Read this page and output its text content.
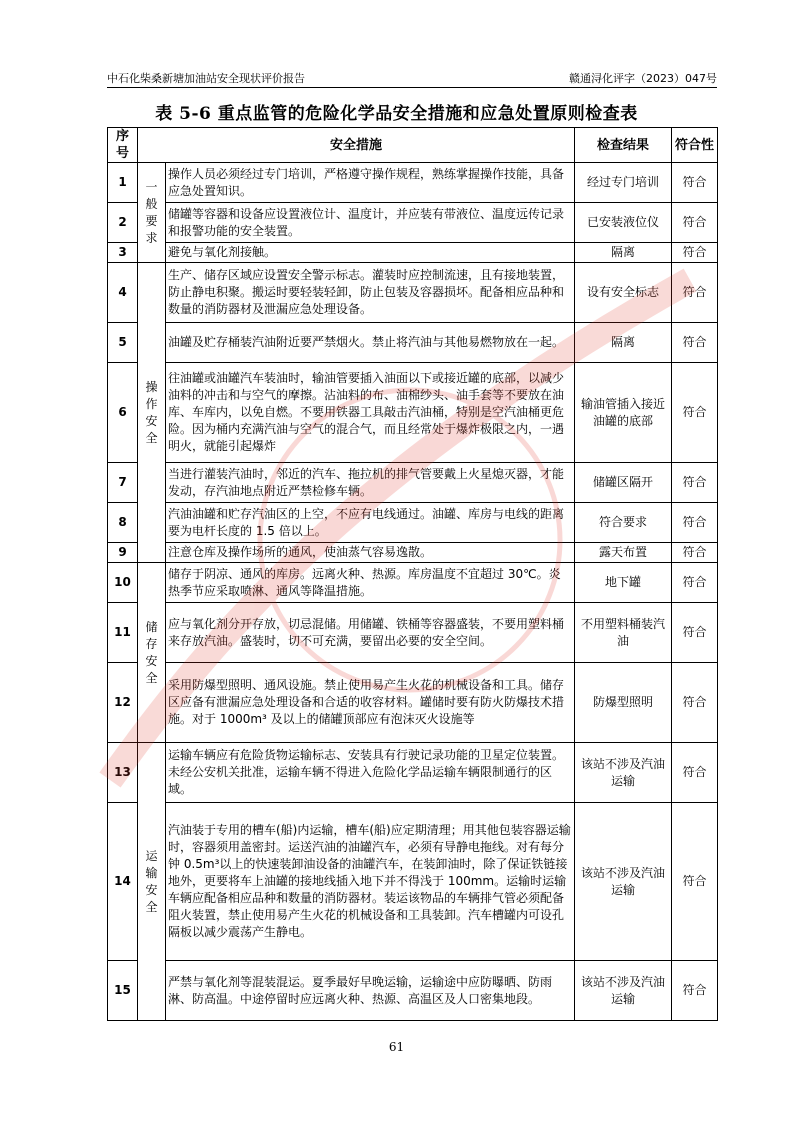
中石化柴桑新塘加油站安全现状评价报告	赣通浔化评字（2023）047号
表 5-6 重点监管的危险化学品安全措施和应急处置原则检查表
序号	安全措施		检查结果	符合性
1	一般要求	操作人员必须经过专门培训，严格遵守操作规程，熟练掌握操作技能，具备应急处置知识。	经过专门培训	符合
2		储罐等容器和设备应设置液位计、温度计，并应装有带液位、温度远传记录和报警功能的安全装置。	已安装液位仪	符合
3		避免与氧化剂接触。	隔离	符合
4	操作安全	生产、储存区域应设置安全警示标志。灌装时应控制流速，且有接地装置，防止静电积聚。搬运时要轻装轻卸，防止包装及容器损坏。配备相应品种和数量的消防器材及泄漏应急处理设备。	设有安全标志	符合
5		油罐及贮存桶装汽油附近要严禁烟火。禁止将汽油与其他易燃物放在一起。	隔离	符合
6		往油罐或油罐汽车装油时，输油管要插入油面以下或接近罐的底部，以减少油料的冲击和与空气的摩擦。沾油料的布、油棉纱头、油手套等不要放在油库、车库内，以免自燃。不要用铁器工具敲击汽油桶，特别是空汽油桶更危险。因为桶内充满汽油与空气的混合气，而且经常处于爆炸极限之内，一遇明火，就能引起爆炸	输油管插入接近油罐的底部	符合
7		当进行灌装汽油时，邻近的汽车、拖拉机的排气管要戴上火星熄灭器，才能发动，存汽油地点附近严禁检修车辆。	储罐区隔开	符合
8		汽油油罐和贮存汽油区的上空，不应有电线通过。油罐、库房与电线的距离要为电杆长度的 1.5 倍以上。	符合要求	符合
9		注意仓库及操作场所的通风，使油蒸气容易逸散。	露天布置	符合
10	储存安全	储存于阴凉、通风的库房。远离火种、热源。库房温度不宜超过 30℃。炎热季节应采取喷淋、通风等降温措施。	地下罐	符合
11		应与氧化剂分开存放，切忌混储。用储罐、铁桶等容器盛装，不要用塑料桶来存放汽油。盛装时，切不可充满，要留出必要的安全空间。	不用塑料桶装汽油	符合
12		采用防爆型照明、通风设施。禁止使用易产生火花的机械设备和工具。储存区应备有泄漏应急处理设备和合适的收容材料。罐储时要有防火防爆技术措施。对于 1000m³ 及以上的储罐顶部应有泡沫灭火设施等	防爆型照明	符合
13	运输安全	运输车辆应有危险货物运输标志、安装具有行驶记录功能的卫星定位装置。未经公安机关批准，运输车辆不得进入危险化学品运输车辆限制通行的区域。	该站不涉及汽油运输	符合
14		汽油装于专用的槽车(船)内运输，槽车(船)应定期清理；用其他包装容器运输时，容器须用盖密封。运送汽油的油罐汽车，必须有导静电拖线。对有每分钟 0.5m³以上的快速装卸油设备的油罐汽车，在装卸油时，除了保证铁链接地外，更要将车上油罐的接地线插入地下并不得浅于 100mm。运输时运输车辆应配备相应品种和数量的消防器材。装运该物品的车辆排气管必须配备阻火装置，禁止使用易产生火花的机械设备和工具装卸。汽车槽罐内可设孔隔板以减少震荡产生静电。	该站不涉及汽油运输	符合
15		严禁与氧化剂等混装混运。夏季最好早晚运输，运输途中应防曝晒、防雨淋、防高温。中途停留时应远离火种、热源、高温区及人口密集地段。	该站不涉及汽油运输	符合
61
